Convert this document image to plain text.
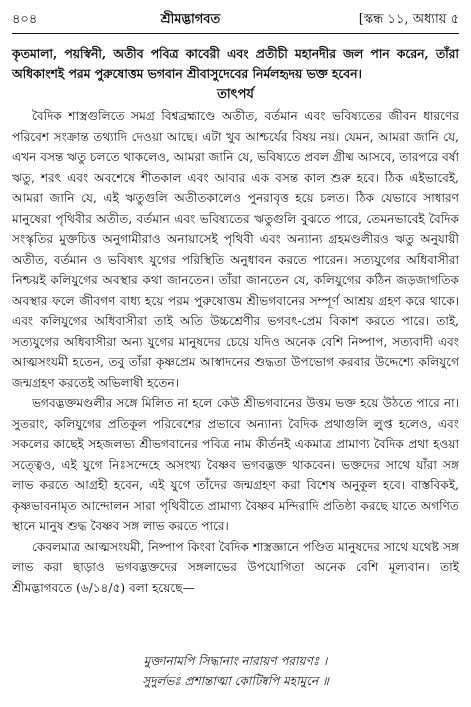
৪০৪	শ্রীমদ্ভাগবত	[স্কন্ধ ১১, অধ্যায় ৫
কৃতমালা, পয়স্বিনী, অতীব পবিত্র কাবেরী এবং প্রতীচী মহানদীর জল পান করেন, তাঁরা অধিকাংশই পরম পুরুষোত্তম ভগবান শ্রীবাসুদেবের নির্মলহৃদয় ভক্ত হবেন।
তাৎপর্য

বৈদিক শাস্ত্রগুলিতে সমগ্র বিশ্বব্রহ্মাণ্ডে অতীত, বর্তমান এবং ভবিষ্যতের জীবন ধারণের পরিবেশ সংক্রান্ত তথ্যাদি দেওয়া আছে। এটা খুব আশ্চর্যের বিষয় নয়। যেমন, আমরা জানি যে, এখন বসন্ত ঋতু চলতে থাকলেও, আমরা জানি যে, ভবিষ্যতে প্রবল গ্রীষ্ম আসবে, তারপরে বর্ষা ঋতু, শরৎ এবং অবশেষে শীতকাল এবং আবার এক বসন্ত কাল শুরু হবে। ঠিক এইভাবেই, আমরা জানি যে, এই ঋতুগুলি অতীতকালেও পুনরাবৃত্ত হয়ে চলত। ঠিক যেভাবে সাধারণ মানুষেরা পৃথিবীর অতীত, বর্তমান এবং ভবিষ্যতের ঋতুগুলি বুঝতে পারে, তেমনভাবেই বৈদিক সংস্কৃতির মুক্তচিত্ত অনুগামীরাও অনায়াসেই পৃথিবী এবং অন্যান্য গ্রহমণ্ডলীরও ঋতু অনুযায়ী অতীত, বর্তমান ও ভবিষ্যৎ যুগের পরিস্থিতি অনুধাবন করতে পারেন। সত্যযুগের অধিবাসীরা নিশ্চয়ই কলিযুগের অবস্থার কথা জানতেন। তাঁরা জানতেন যে, কলিযুগের কঠিন জড়জাগতিক অবস্থার ফলে জীবগণ বাধ্য হয়ে পরম পুরুষোত্তম শ্রীভগবানের সম্পূর্ণ আশ্রয় গ্রহণ করে থাকে। এবং কলিযুগের অধিবাসীরা তাই অতি উচ্চশ্রেণীর ভগবৎ-প্রেম বিকাশ করতে পারে। তাই, সত্যযুগের অধিবাসীরা অন্য যুগের মানুষদের চেয়ে যদিও অনেক বেশি নিষ্পাপ, সত্যবাদী এবং আত্মসংযমী হতেন, তবু তাঁরা কৃষ্ণপ্রেম আস্বাদনের শুদ্ধতা উপভোগ করবার উদ্দেশ্যে কলিযুগে জন্মগ্রহণ করতেই অভিলাষী হতেন।

ভগবদ্ভক্তমণ্ডলীর সঙ্গে মিলিত না হলে কেউ শ্রীভগবানের উত্তম ভক্ত হয়ে উঠতে পারে না। সুতরাং, কলিযুগের প্রতিকূল পরিবেশের প্রভাবে অন্যান্য বৈদিক প্রথাগুলি লুপ্ত হলেও, এবং সকলের কাছেই সহজলভ্য শ্রীভগবানের পবিত্র নাম কীর্তনই একমাত্র প্রামাণ্য বৈদিক প্রথা হওয়া সত্ত্বেও, এই যুগে নিঃসন্দেহে অসংখ্য বৈষ্ণব ভগবদ্ভক্ত থাকবেন। ভক্তদের সাথে যাঁরা সঙ্গ লাভ করতে আগ্রহী হবেন, এই যুগে তাঁদের জন্মগ্রহণ করা বিশেষ অনুকূল হবে। বাস্তবিকই, কৃষ্ণভাবনামৃত আন্দোলন সারা পৃথিবীতে প্রামাণ্য বৈষ্ণব মন্দিরাদি প্রতিষ্ঠা করছে যাতে অগণিত স্থানে মানুষ শুদ্ধ বৈষ্ণব সঙ্গ লাভ করতে পারে।

কেবলমাত্র আত্মসংযমী, নিষ্পাপ কিংবা বৈদিক শাস্ত্রজ্ঞানে পণ্ডিত মানুষদের সাথে যথেষ্ট সঙ্গ লাভ করা ছাড়াও ভগবদ্ভক্তদের সঙ্গলাভের উপযোগিতা অনেক বেশি মূল্যবান। তাই শ্রীমদ্ভাগবতে (৬/১৪/৫) বলা হয়েছে—

মুক্তানামপি সিদ্ধানাং নারায়ণ পরায়ণঃ ।
সুদুর্লভঃ প্রশান্তাত্মা কোটিষ্বপি মহামুনে ॥
